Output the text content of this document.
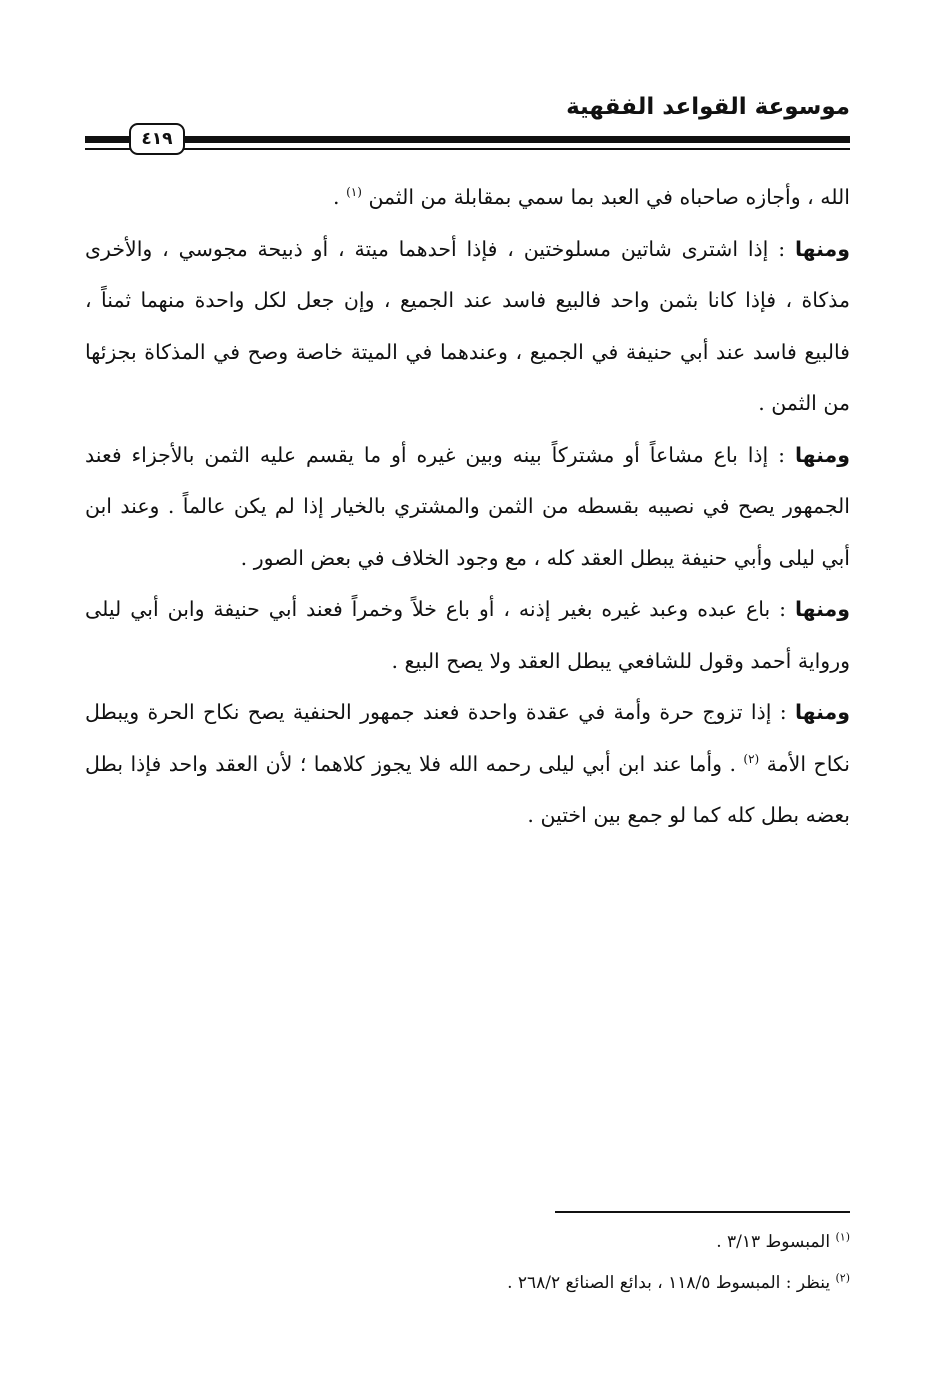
موسوعة القواعد الفقهية
٤١٩

الله ، وأجازه صاحباه في العبد بما سمي بمقابلة من الثمن $^{(١)}$ .

ومنها : إذا اشترى شاتين مسلوختين ، فإذا أحدهما ميتة ، أو ذبيحة مجوسي ، والأخرى مذكاة ، فإذا كانا بثمن واحد فالبيع فاسد عند الجميع ، وإن جعل لكل واحدة منهما ثمناً ، فالبيع فاسد عند أبي حنيفة في الجميع ، وعندهما في الميتة خاصة وصح في المذكاة بجزئها من الثمن .

ومنها : إذا باع مشاعاً أو مشتركاً بينه وبين غيره أو ما يقسم عليه الثمن بالأجزاء فعند الجمهور يصح في نصيبه بقسطه من الثمن والمشتري بالخيار إذا لم يكن عالماً . وعند ابن أبي ليلى وأبي حنيفة يبطل العقد كله ، مع وجود الخلاف في بعض الصور .

ومنها : باع عبده وعبد غيره بغير إذنه ، أو باع خلاً وخمراً فعند أبي حنيفة وابن أبي ليلى ورواية أحمد وقول للشافعي يبطل العقد ولا يصح البيع .

ومنها : إذا تزوج حرة وأمة في عقدة واحدة فعند جمهور الحنفية يصح نكاح الحرة ويبطل نكاح الأمة $^{(٢)}$ . وأما عند ابن أبي ليلى رحمه الله فلا يجوز كلاهما ؛ لأن العقد واحد فإذا بطل بعضه بطل كله كما لو جمع بين اختين .

$^{(١)}$ المبسوط ٣/١٣ .

$^{(٢)}$ ينظر : المبسوط ١١٨/٥ ، بدائع الصنائع ٢٦٨/٢ .
